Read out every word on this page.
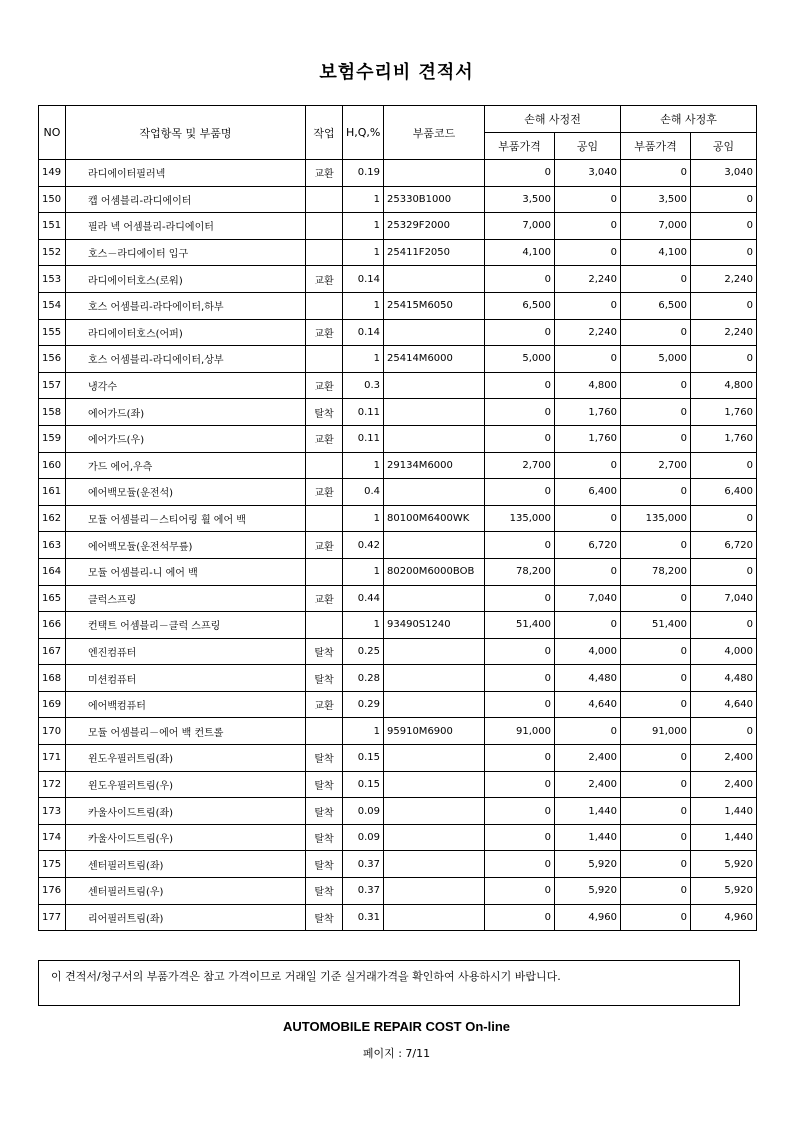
보험수리비 견적서
NO	작업항목 및 부품명	작업	H,Q,%	부품코드	손해 사정전		손해 사정후	
					부품가격	공임	부품가격	공임
149	라디에이터필러넥	교환	0.19		0	3,040	0	3,040
150	캡 어셈블리-라디에이터		1	25330B1000	3,500	0	3,500	0
151	필라 넥 어셈블리-라디에이터		1	25329F2000	7,000	0	7,000	0
152	호스－라디에이터 입구		1	25411F2050	4,100	0	4,100	0
153	라디에이터호스(로워)	교환	0.14		0	2,240	0	2,240
154	호스 어셈블리-라다에이터,하부		1	25415M6050	6,500	0	6,500	0
155	라디에이터호스(어퍼)	교환	0.14		0	2,240	0	2,240
156	호스 어셈블리-라디에이터,상부		1	25414M6000	5,000	0	5,000	0
157	냉각수	교환	0.3		0	4,800	0	4,800
158	에어가드(좌)	탈착	0.11		0	1,760	0	1,760
159	에어가드(우)	교환	0.11		0	1,760	0	1,760
160	가드 에어,우측		1	29134M6000	2,700	0	2,700	0
161	에어백모듈(운전석)	교환	0.4		0	6,400	0	6,400
162	모듈 어셈블리－스티어링 휠 에어 백		1	80100M6400WK	135,000	0	135,000	0
163	에어백모듈(운전석무릎)	교환	0.42		0	6,720	0	6,720
164	모듈 어셈블리-니 에어 백		1	80200M6000BOB	78,200	0	78,200	0
165	클럭스프링	교환	0.44		0	7,040	0	7,040
166	컨택트 어셈블리－클럭 스프링		1	93490S1240	51,400	0	51,400	0
167	엔진컴퓨터	탈착	0.25		0	4,000	0	4,000
168	미션컴퓨터	탈착	0.28		0	4,480	0	4,480
169	에어백컴퓨터	교환	0.29		0	4,640	0	4,640
170	모듈 어셈블리－에어 백 컨트롤		1	95910M6900	91,000	0	91,000	0
171	윈도우필러트림(좌)	탈착	0.15		0	2,400	0	2,400
172	윈도우필러트림(우)	탈착	0.15		0	2,400	0	2,400
173	카울사이드트림(좌)	탈착	0.09		0	1,440	0	1,440
174	카울사이드트림(우)	탈착	0.09		0	1,440	0	1,440
175	센터필러트림(좌)	탈착	0.37		0	5,920	0	5,920
176	센터필러트림(우)	탈착	0.37		0	5,920	0	5,920
177	리어필러트림(좌)	탈착	0.31		0	4,960	0	4,960
이 견적서/청구서의 부품가격은 참고 가격이므로 거래일 기준 실거래가격을 확인하여 사용하시기 바랍니다.
AUTOMOBILE REPAIR COST On-line
페이지 : 7/11
